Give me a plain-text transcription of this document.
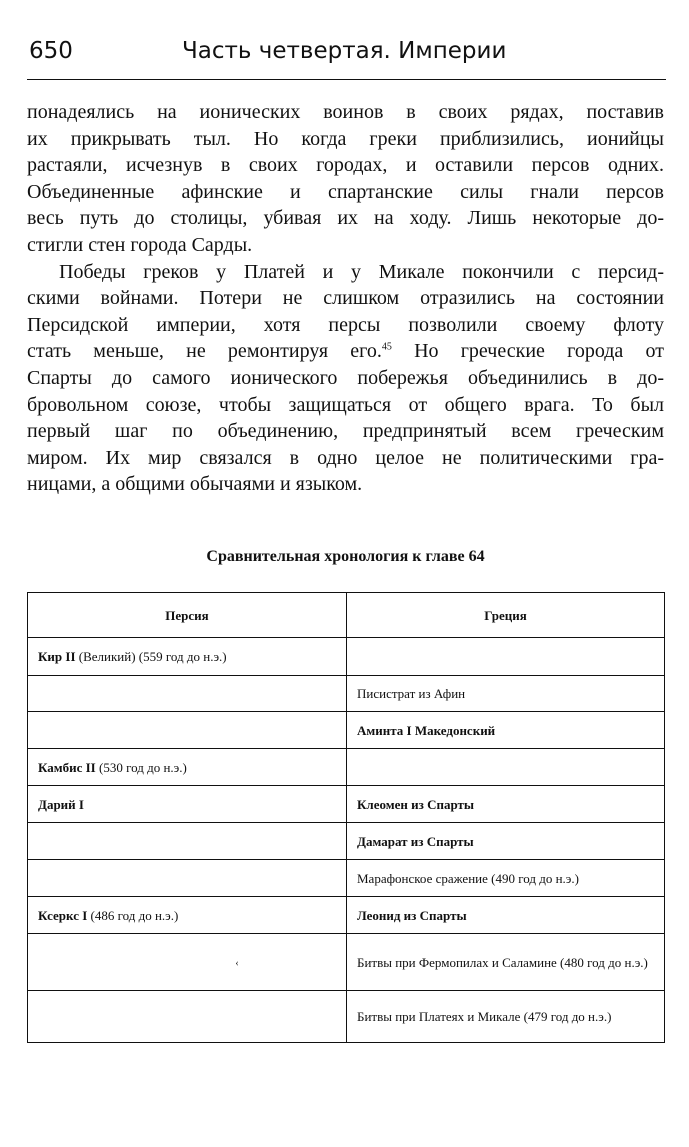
650	Часть четвертая. Империи

понадеялись на ионических воинов в своих рядах, поставив
их прикрывать тыл. Но когда греки приблизились, ионийцы
растаяли, исчезнув в своих городах, и оставили персов одних.
Объединенные афинские и спартанские силы гнали персов
весь путь до столицы, убивая их на ходу. Лишь некоторые до-
стигли стен города Сарды.

Победы греков у Платей и у Микале покончили с персид-
скими войнами. Потери не слишком отразились на состоянии
Персидской империи, хотя персы позволили своему флоту
стать меньше, не ремонтируя его.$^{45}$ Но греческие города от
Спарты до самого ионического побережья объединились в до-
бровольном союзе, чтобы защищаться от общего врага. То был
первый шаг по объединению, предпринятый всем греческим
миром. Их мир связался в одно целое не политическими гра-
ницами, а общими обычаями и языком.

Сравнительная хронология к главе 64
Персия	Греция
Кир II (Великий) (559 год до н.э.)	
	Писистрат из Афин
	Аминта I Македонский
Камбис II (530 год до н.э.)	
Дарий I	Клеомен из Спарты
	Дамарат из Спарты
	Марафонское сражение (490 год до н.э.)
Ксеркс I (486 год до н.э.)	Леонид из Спарты
‹	Битвы при Фермопилах и Саламине (480 год до н.э.)
	Битвы при Платеях и Микале (479 год до н.э.)
